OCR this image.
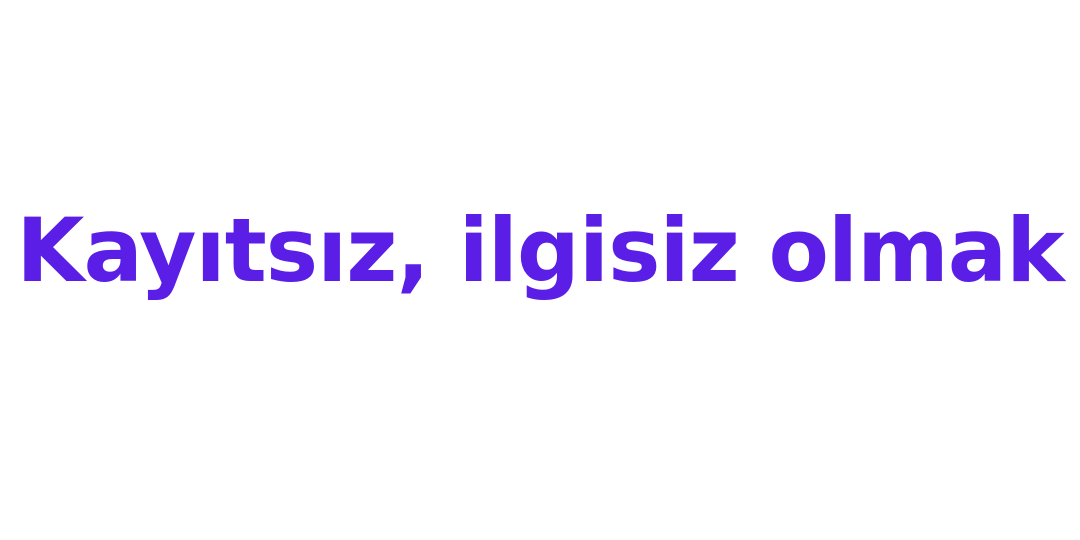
Kayıtsız, ilgisiz olmak
